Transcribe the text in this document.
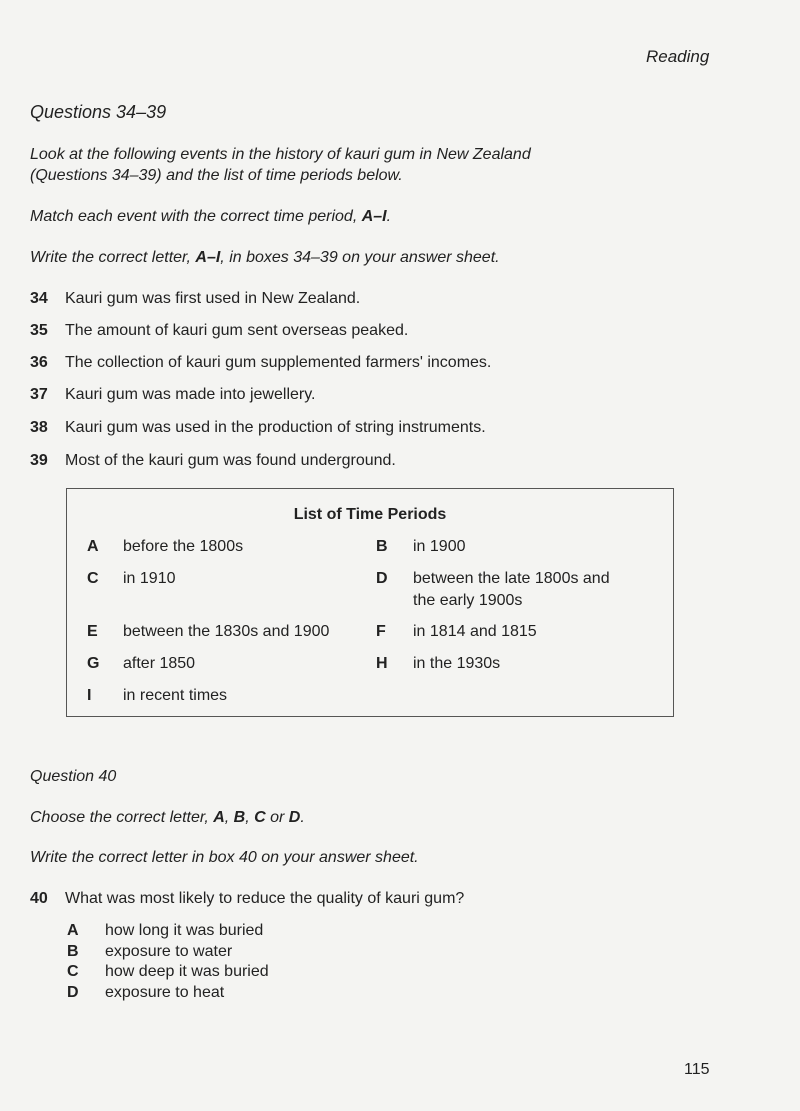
Reading
Questions 34–39
Look at the following events in the history of kauri gum in New Zealand
(Questions 34–39) and the list of time periods below.
Match each event with the correct time period, A–I.
Write the correct letter, A–I, in boxes 34–39 on your answer sheet.
34 Kauri gum was first used in New Zealand.
35 The amount of kauri gum sent overseas peaked.
36 The collection of kauri gum supplemented farmers' incomes.
37 Kauri gum was made into jewellery.
38 Kauri gum was used in the production of string instruments.
39 Most of the kauri gum was found underground.
List of Time Periods
A before the 1800s	B in 1900
C in 1910	D between the late 1800s and
the early 1900s
E between the 1830s and 1900	F in 1814 and 1815
G after 1850	H in the 1930s
I in recent times
Question 40
Choose the correct letter, A, B, C or D.
Write the correct letter in box 40 on your answer sheet.
40 What was most likely to reduce the quality of kauri gum?
A how long it was buried
B exposure to water
C how deep it was buried
D exposure to heat
115
